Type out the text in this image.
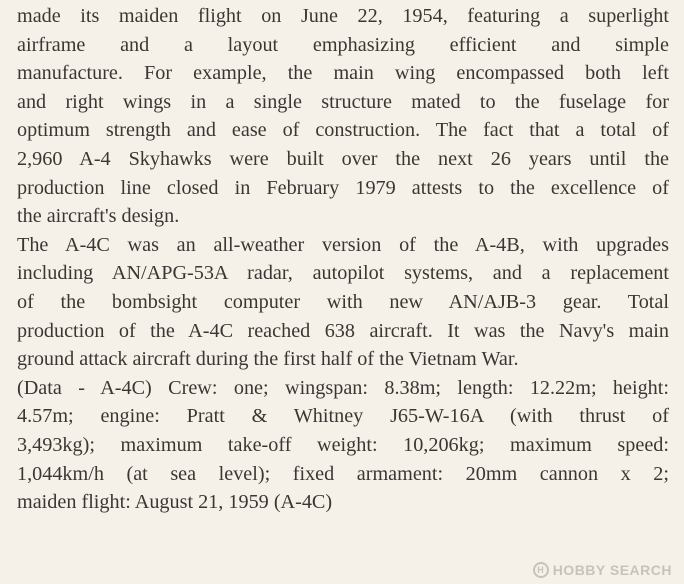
made its maiden flight on June 22, 1954, featuring a superlight
airframe and a layout emphasizing efficient and simple
manufacture. For example, the main wing encompassed both left
and right wings in a single structure mated to the fuselage for
optimum strength and ease of construction. The fact that a total of
2,960 A-4 Skyhawks were built over the next 26 years until the
production line closed in February 1979 attests to the excellence of
the aircraft's design.

The A-4C was an all-weather version of the A-4B, with upgrades
including AN/APG-53A radar, autopilot systems, and a replacement
of the bombsight computer with new AN/AJB-3 gear. Total
production of the A-4C reached 638 aircraft. It was the Navy's main
ground attack aircraft during the first half of the Vietnam War.

(Data - A-4C) Crew: one; wingspan: 8.38m; length: 12.22m; height:
4.57m; engine: Pratt & Whitney J65-W-16A (with thrust of
3,493kg); maximum take-off weight: 10,206kg; maximum speed:
1,044km/h (at sea level); fixed armament: 20mm cannon x 2;
maiden flight: August 21, 1959 (A-4C)

H HOBBY SEARCH
